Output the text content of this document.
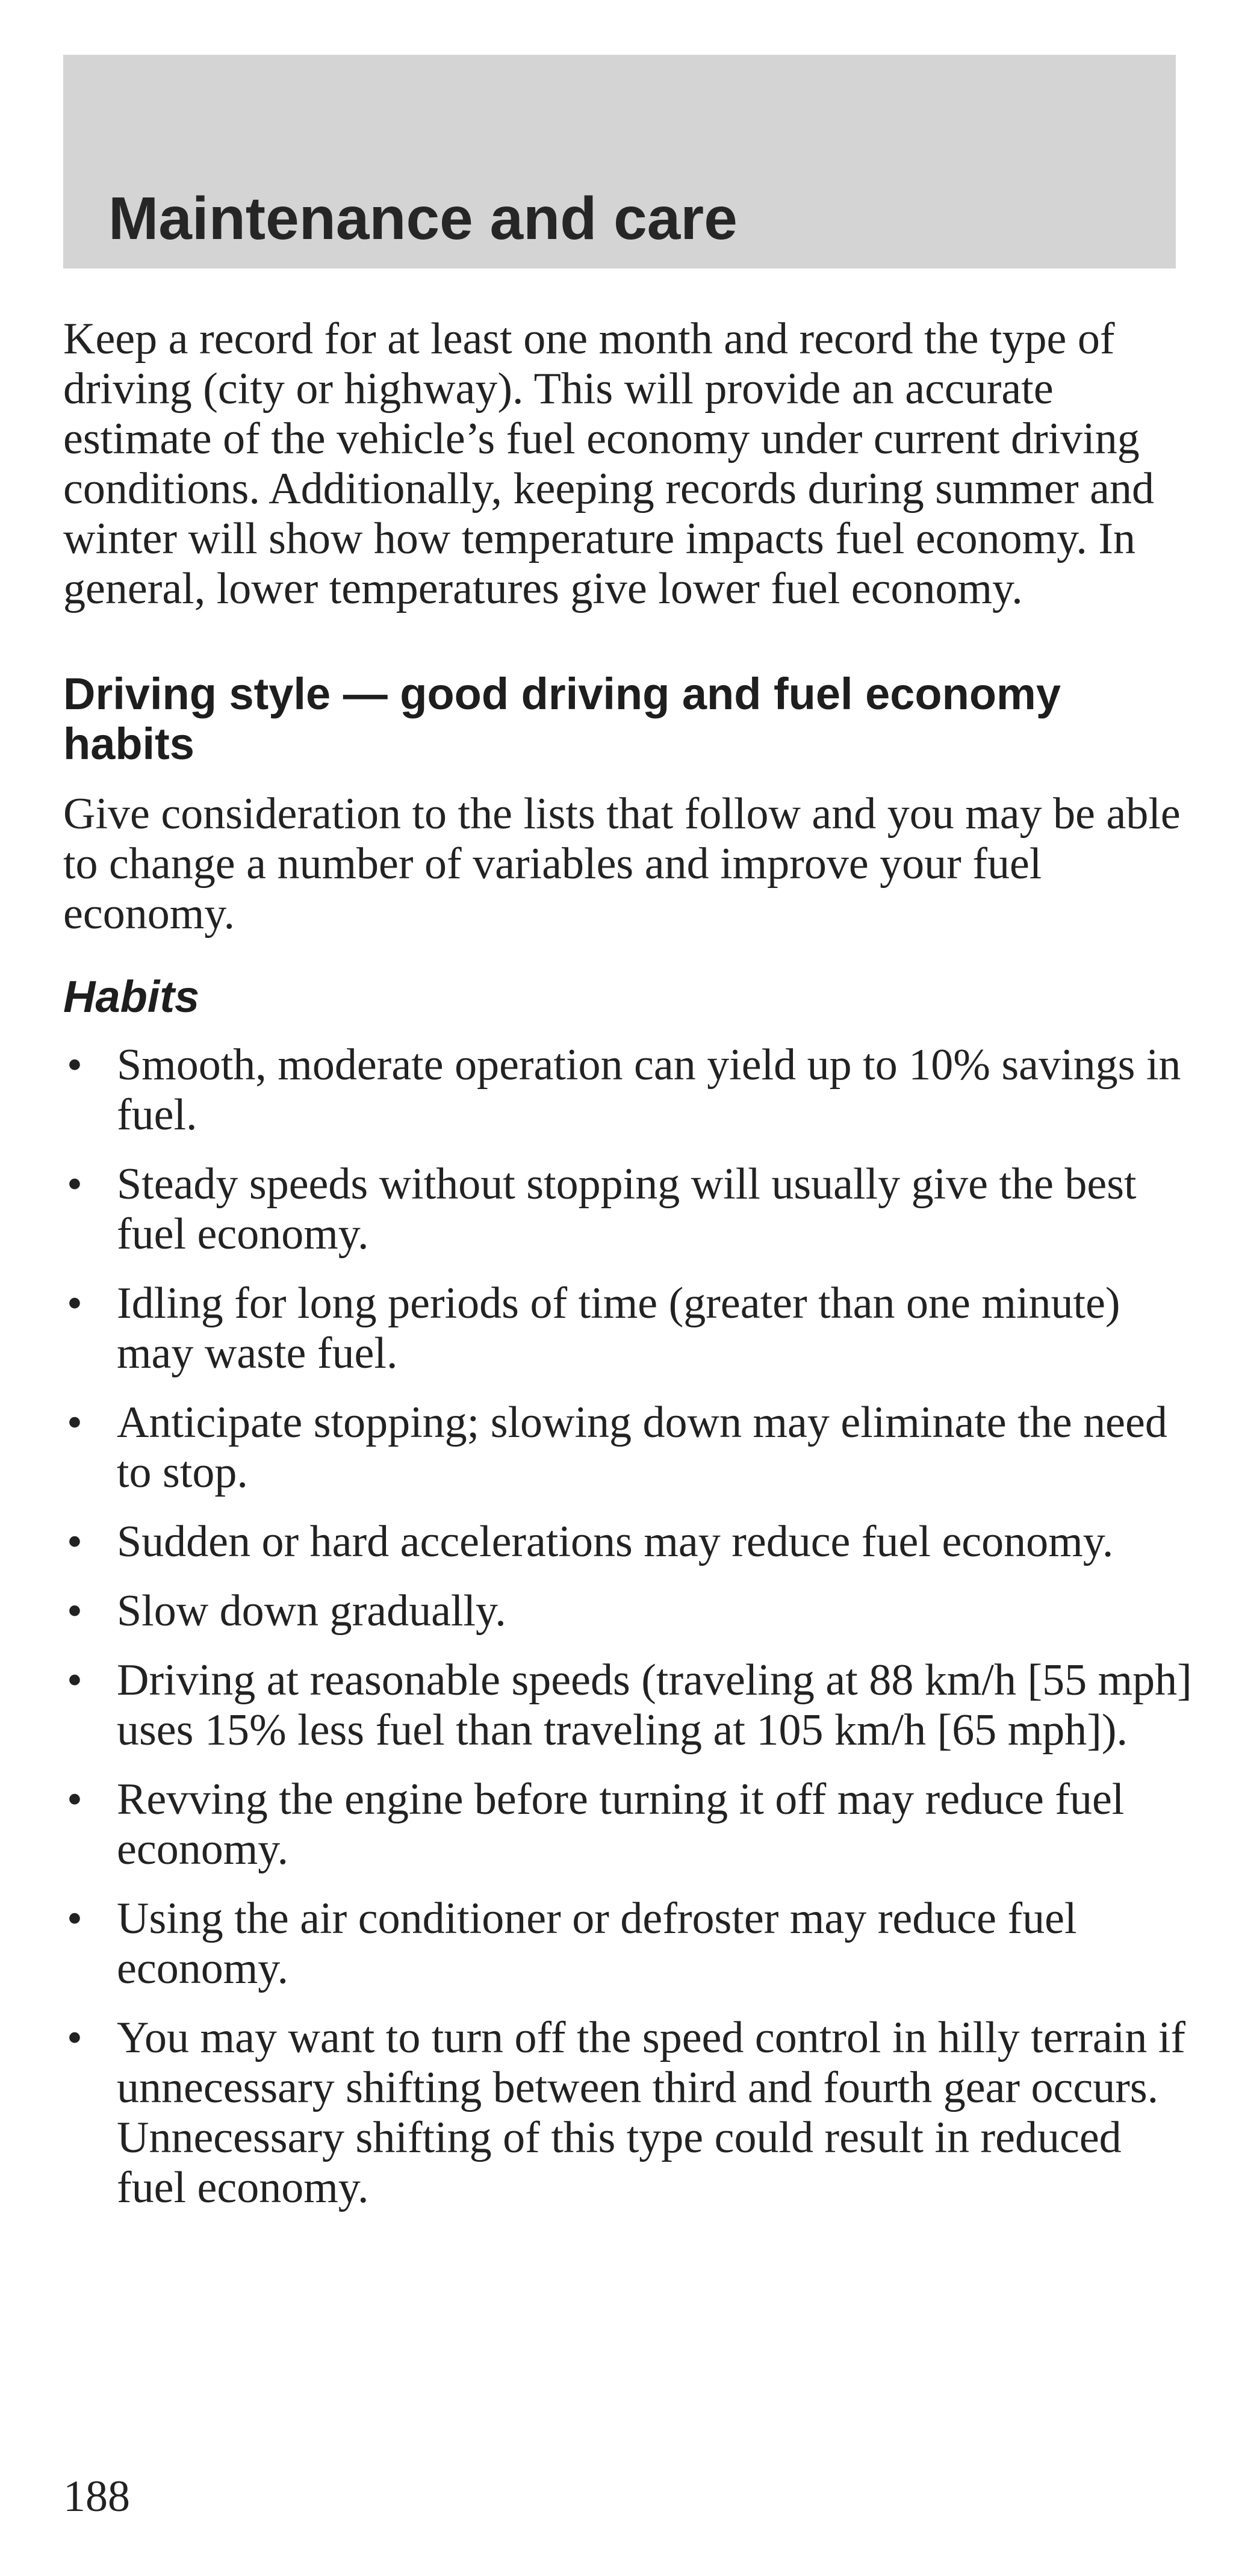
Maintenance and care

Keep a record for at least one month and record the type of driving (city or highway). This will provide an accurate estimate of the vehicle’s fuel economy under current driving conditions. Additionally, keeping records during summer and winter will show how temperature impacts fuel economy. In general, lower temperatures give lower fuel economy.

Driving style — good driving and fuel economy habits

Give consideration to the lists that follow and you may be able to change a number of variables and improve your fuel economy.

Habits
• Smooth, moderate operation can yield up to 10% savings in fuel.
• Steady speeds without stopping will usually give the best fuel economy.
• Idling for long periods of time (greater than one minute) may waste fuel.
• Anticipate stopping; slowing down may eliminate the need to stop.
• Sudden or hard accelerations may reduce fuel economy.
• Slow down gradually.
• Driving at reasonable speeds (traveling at 88 km/h [55 mph] uses 15% less fuel than traveling at 105 km/h [65 mph]).
• Revving the engine before turning it off may reduce fuel economy.
• Using the air conditioner or defroster may reduce fuel economy.
• You may want to turn off the speed control in hilly terrain if unnecessary shifting between third and fourth gear occurs. Unnecessary shifting of this type could result in reduced fuel economy.
188
